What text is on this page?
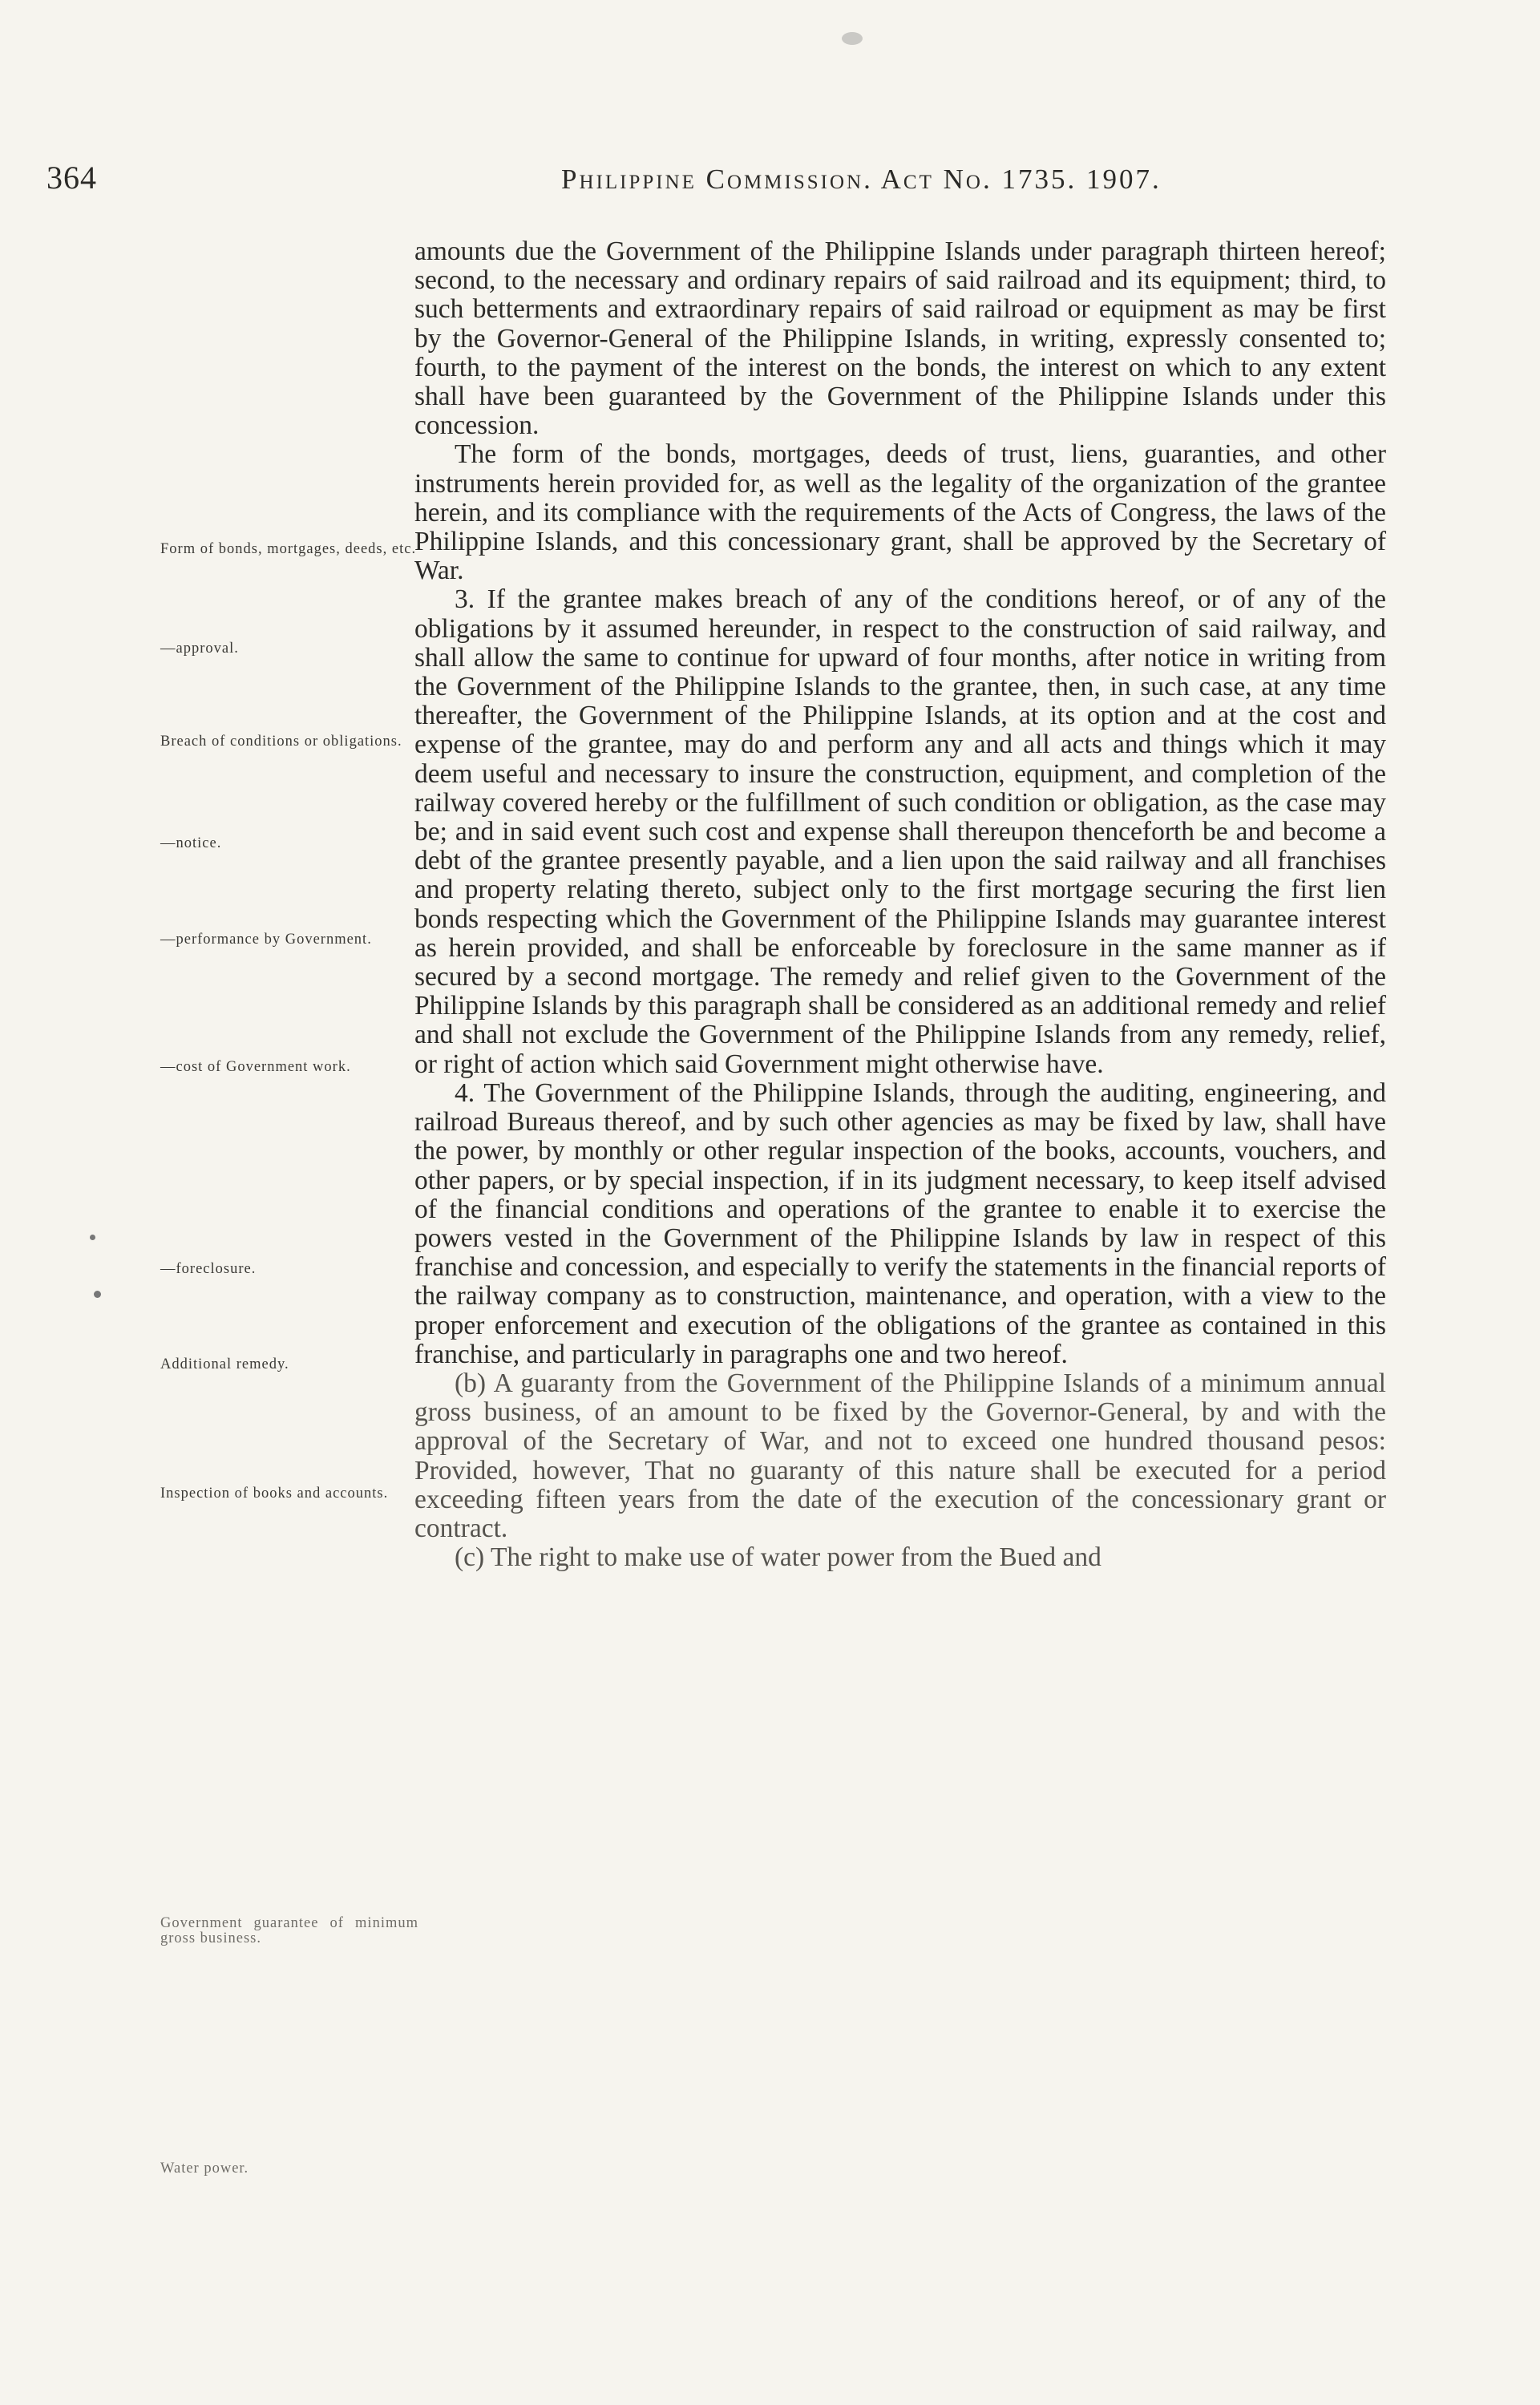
364	Philippine Commission. Act No. 1735. 1907.

amounts due the Government of the Philippine Islands under paragraph thirteen hereof; second, to the necessary and ordinary repairs of said railroad and its equipment; third, to such betterments and extraordinary repairs of said railroad or equipment as may be first by the Governor-General of the Philippine Islands, in writing, expressly consented to; fourth, to the payment of the interest on the bonds, the interest on which to any extent shall have been guaranteed by the Government of the Philippine Islands under this concession.

The form of the bonds, mortgages, deeds of trust, liens, guaranties, and other instruments herein provided for, as well as the legality of the organization of the grantee herein, and its compliance with the requirements of the Acts of Congress, the laws of the Philippine Islands, and this concessionary grant, shall be approved by the Secretary of War.

3. If the grantee makes breach of any of the conditions hereof, or of any of the obligations by it assumed hereunder, in respect to the construction of said railway, and shall allow the same to continue for upward of four months, after notice in writing from the Government of the Philippine Islands to the grantee, then, in such case, at any time thereafter, the Government of the Philippine Islands, at its option and at the cost and expense of the grantee, may do and perform any and all acts and things which it may deem useful and necessary to insure the construction, equipment, and completion of the railway covered hereby or the fulfillment of such condition or obligation, as the case may be; and in said event such cost and expense shall thereupon thenceforth be and become a debt of the grantee presently payable, and a lien upon the said railway and all franchises and property relating thereto, subject only to the first mortgage securing the first lien bonds respecting which the Government of the Philippine Islands may guarantee interest as herein provided, and shall be enforceable by foreclosure in the same manner as if secured by a second mortgage. The remedy and relief given to the Government of the Philippine Islands by this paragraph shall be considered as an additional remedy and relief and shall not exclude the Government of the Philippine Islands from any remedy, relief, or right of action which said Government might otherwise have.

4. The Government of the Philippine Islands, through the auditing, engineering, and railroad Bureaus thereof, and by such other agencies as may be fixed by law, shall have the power, by monthly or other regular inspection of the books, accounts, vouchers, and other papers, or by special inspection, if in its judgment necessary, to keep itself advised of the financial conditions and operations of the grantee to enable it to exercise the powers vested in the Government of the Philippine Islands by law in respect of this franchise and concession, and especially to verify the statements in the financial reports of the railway company as to construction, maintenance, and operation, with a view to the proper enforcement and execution of the obligations of the grantee as contained in this franchise, and particularly in paragraphs one and two hereof.

(b) A guaranty from the Government of the Philippine Islands of a minimum annual gross business, of an amount to be fixed by the Governor-General, by and with the approval of the Secretary of War, and not to exceed one hundred thousand pesos: Provided, however, That no guaranty of this nature shall be executed for a period exceeding fifteen years from the date of the execution of the concessionary grant or contract.

(c) The right to make use of water power from the Bued and

Form of bonds, mortgages, deeds, etc.
—approval.
Breach of conditions or obligations.
—notice.
—performance by Government.
—cost of Government work.
—foreclosure.
Additional remedy.
Inspection of books and accounts.
Government guarantee of minimum gross business.
Water power.
